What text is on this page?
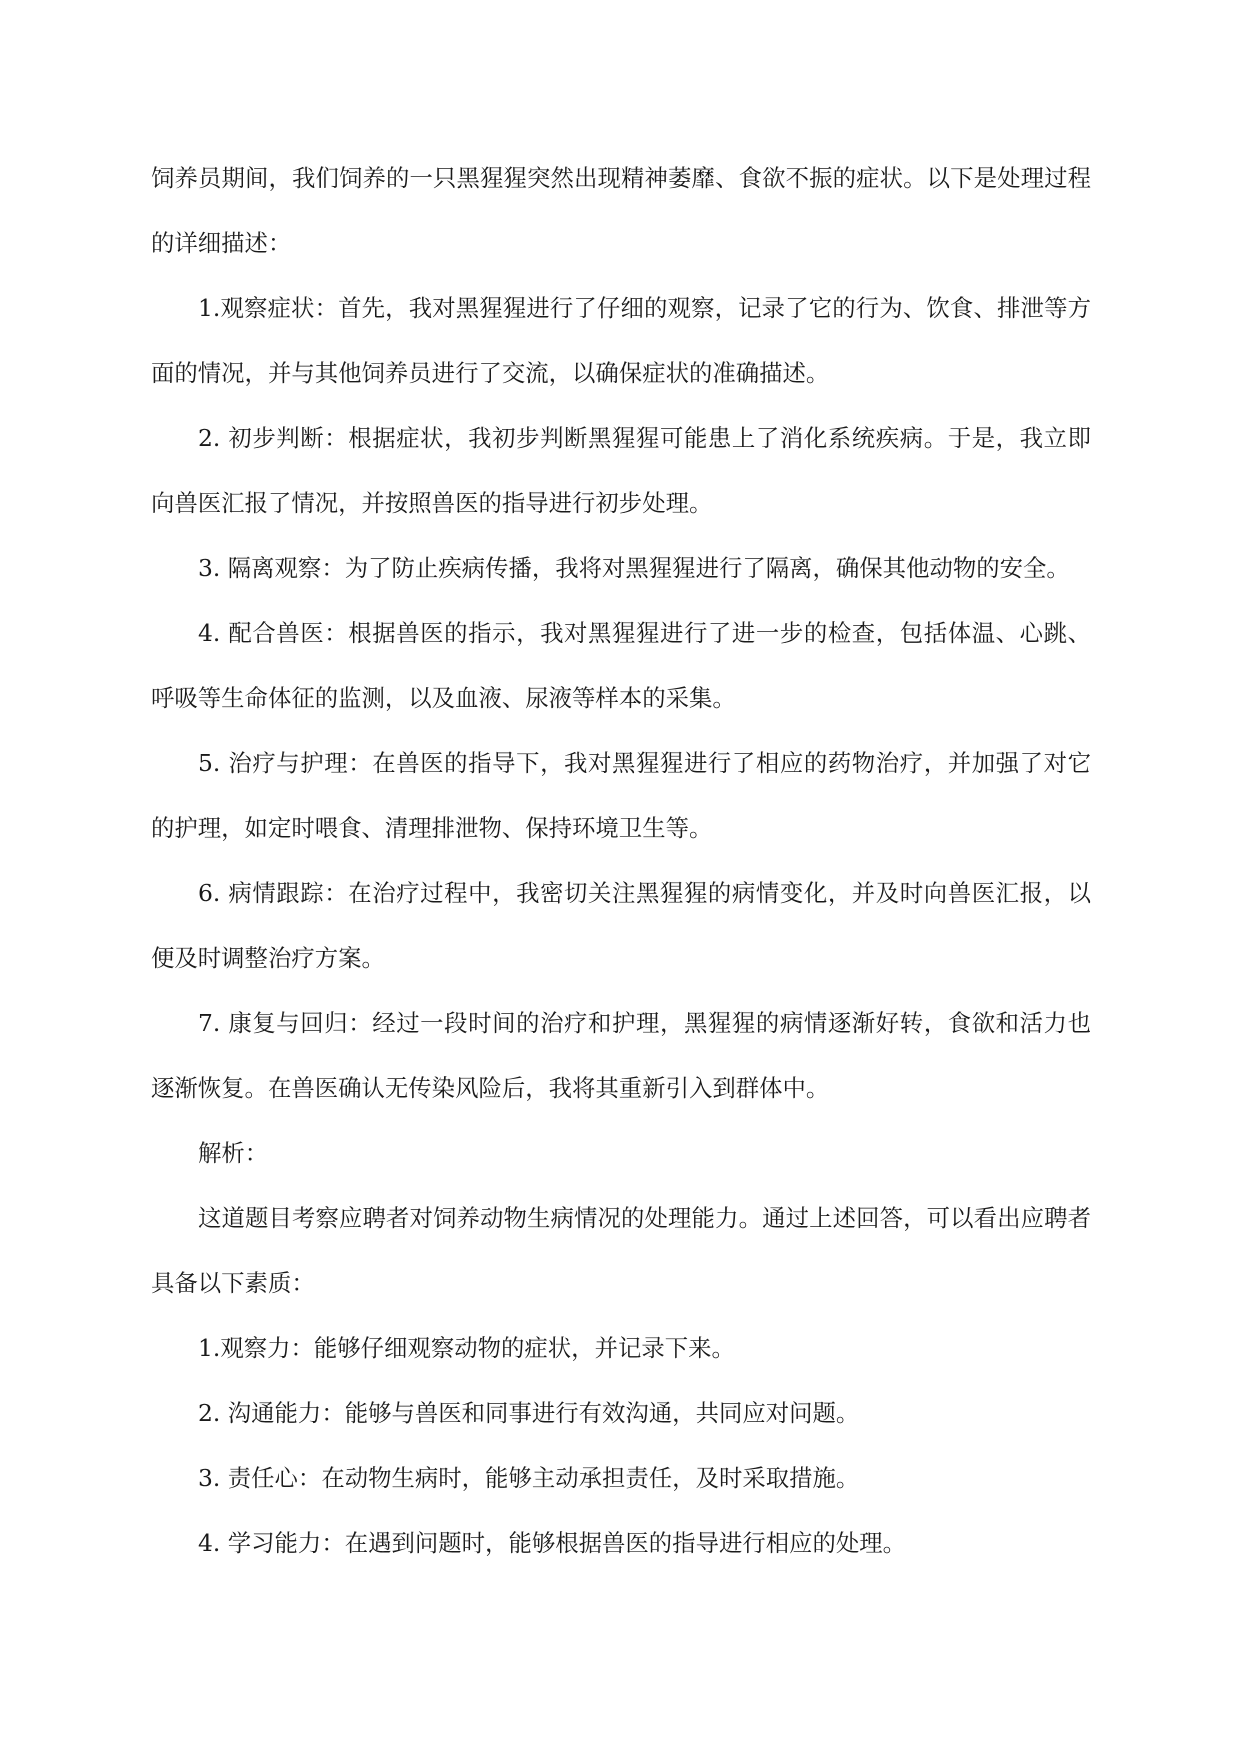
饲养员期间，我们饲养的一只黑猩猩突然出现精神萎靡、食欲不振的症状。以下是处理过程的详细描述：

1.观察症状：首先，我对黑猩猩进行了仔细的观察，记录了它的行为、饮食、排泄等方面的情况，并与其他饲养员进行了交流，以确保症状的准确描述。

2. 初步判断：根据症状，我初步判断黑猩猩可能患上了消化系统疾病。于是，我立即向兽医汇报了情况，并按照兽医的指导进行初步处理。

3. 隔离观察：为了防止疾病传播，我将对黑猩猩进行了隔离，确保其他动物的安全。

4. 配合兽医：根据兽医的指示，我对黑猩猩进行了进一步的检查，包括体温、心跳、呼吸等生命体征的监测，以及血液、尿液等样本的采集。

5. 治疗与护理：在兽医的指导下，我对黑猩猩进行了相应的药物治疗，并加强了对它的护理，如定时喂食、清理排泄物、保持环境卫生等。

6. 病情跟踪：在治疗过程中，我密切关注黑猩猩的病情变化，并及时向兽医汇报，以便及时调整治疗方案。

7. 康复与回归：经过一段时间的治疗和护理，黑猩猩的病情逐渐好转，食欲和活力也逐渐恢复。在兽医确认无传染风险后，我将其重新引入到群体中。

解析：

这道题目考察应聘者对饲养动物生病情况的处理能力。通过上述回答，可以看出应聘者具备以下素质：

1.观察力：能够仔细观察动物的症状，并记录下来。

2. 沟通能力：能够与兽医和同事进行有效沟通，共同应对问题。

3. 责任心：在动物生病时，能够主动承担责任，及时采取措施。

4. 学习能力：在遇到问题时，能够根据兽医的指导进行相应的处理。
